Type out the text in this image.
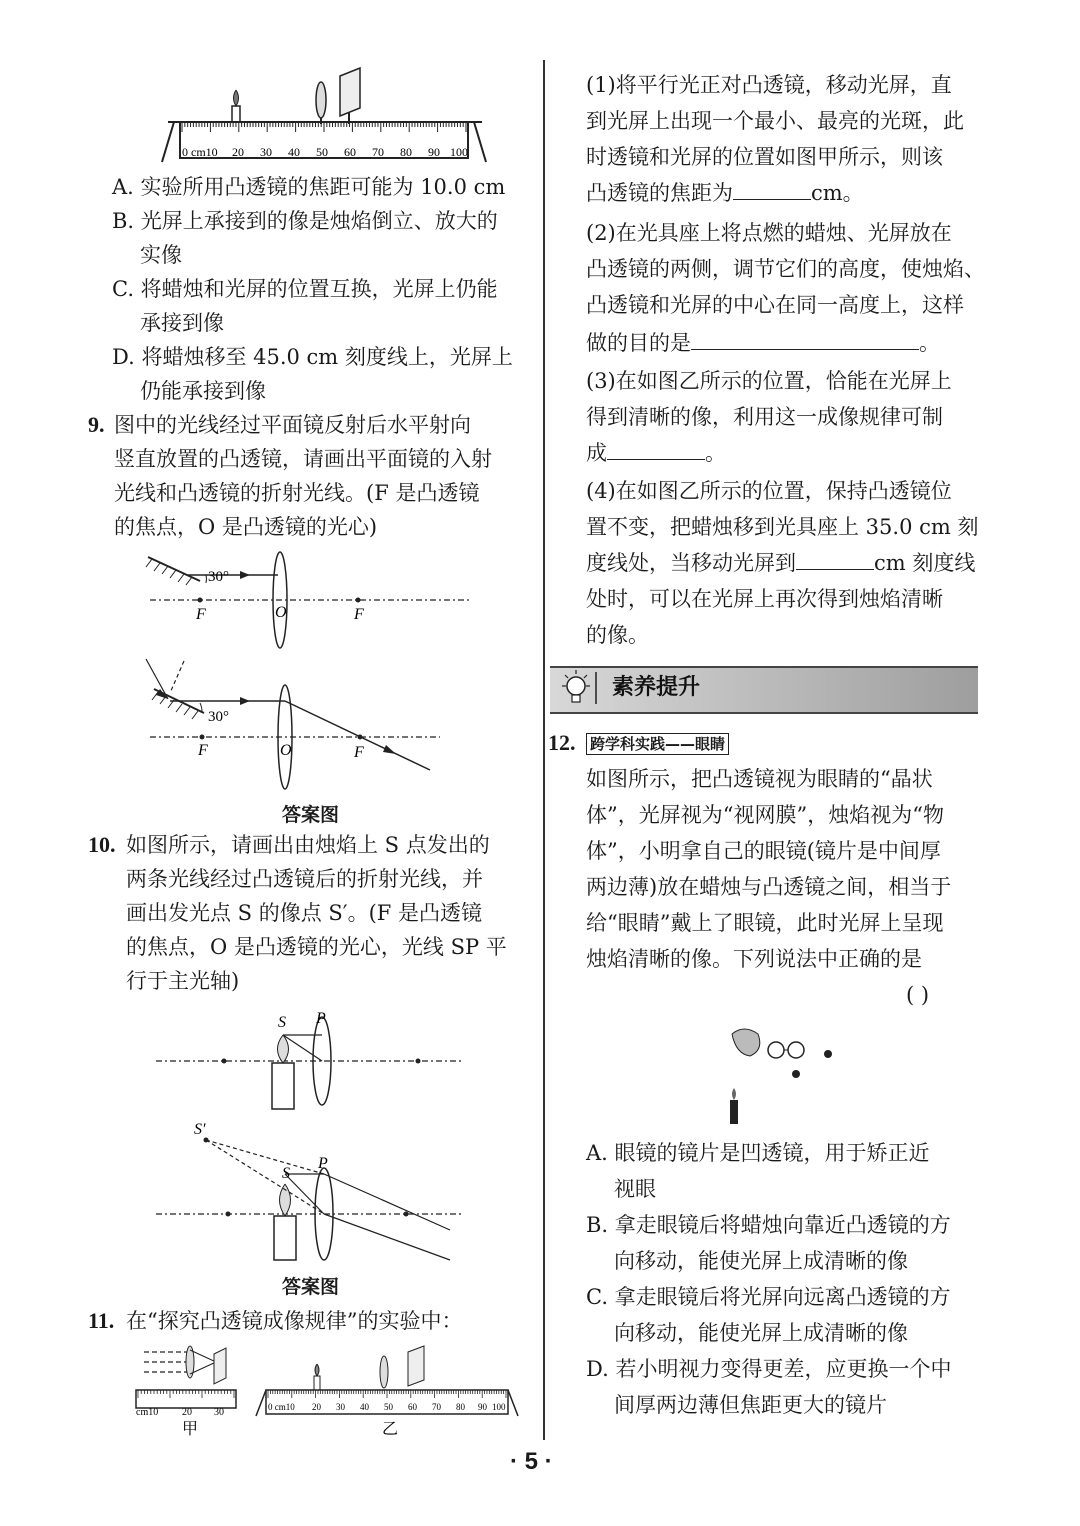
0 cm10 20 30 40 50 60 70 80 90 100
A. 实验所用凸透镜的焦距可能为 10.0 cm
B. 光屏上承接到的像是烛焰倒立、放大的
实像
C. 将蜡烛和光屏的位置互换，光屏上仍能
承接到像
D. 将蜡烛移至 45.0 cm 刻度线上，光屏上
仍能承接到像
9. 图中的光线经过平面镜反射后水平射向
竖直放置的凸透镜，请画出平面镜的入射
光线和凸透镜的折射光线。(F 是凸透镜
的焦点，O 是凸透镜的光心)
30°
F	F
O
30°
F	F
O
答案图
10. 如图所示，请画出由烛焰上 S 点发出的
两条光线经过凸透镜后的折射光线，并
画出发光点 S 的像点 S′。(F 是凸透镜
的焦点，O 是凸透镜的光心，光线 SP 平
行于主光轴)
S P
S′
S
P
答案图
11. 在“探究凸透镜成像规律”的实验中：
cm10 20 30
甲
0 cm10 20 30 40 50 60 70 80 90 100
乙
(1)将平行光正对凸透镜，移动光屏，直
到光屏上出现一个最小、最亮的光斑，此
时透镜和光屏的位置如图甲所示，则该
凸透镜的焦距为	cm。
(2)在光具座上将点燃的蜡烛、光屏放在
凸透镜的两侧，调节它们的高度，使烛焰、
凸透镜和光屏的中心在同一高度上，这样
做的目的是	。
(3)在如图乙所示的位置，恰能在光屏上
得到清晰的像，利用这一成像规律可制
成	。
(4)在如图乙所示的位置，保持凸透镜位
置不变，把蜡烛移到光具座上 35.0 cm 刻
度线处，当移动光屏到	cm 刻度线
处时，可以在光屏上再次得到烛焰清晰
的像。
素养提升
12. 跨学科实践——眼睛
如图所示，把凸透镜视为眼睛的“晶状
体”，光屏视为“视网膜”，烛焰视为“物
体”，小明拿自己的眼镜(镜片是中间厚
两边薄)放在蜡烛与凸透镜之间，相当于
给“眼睛”戴上了眼镜，此时光屏上呈现
烛焰清晰的像。下列说法中正确的是
( )
A. 眼镜的镜片是凹透镜，用于矫正近
视眼
B. 拿走眼镜后将蜡烛向靠近凸透镜的方
向移动，能使光屏上成清晰的像
C. 拿走眼镜后将光屏向远离凸透镜的方
向移动，能使光屏上成清晰的像
D. 若小明视力变得更差，应更换一个中
间厚两边薄但焦距更大的镜片
· 5 ·
